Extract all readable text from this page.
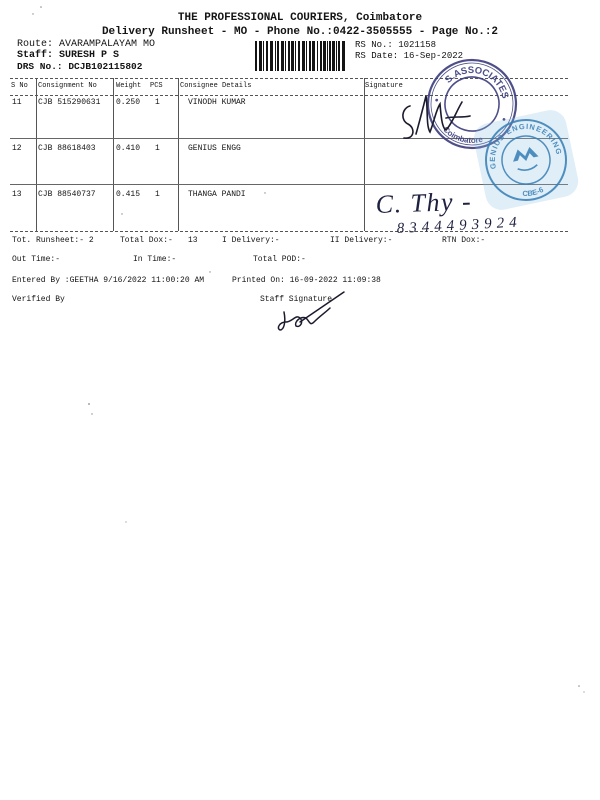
THE PROFESSIONAL COURIERS, Coimbatore
Delivery Runsheet - MO - Phone No.:0422-3505555 - Page No.:2
Route: AVARAMPALAYAM MO
Staff: SURESH P S
DRS No.: DCJB102115802
RS No.: 1021158
RS Date: 16-Sep-2022
S No Consignment No	Weight PCS Consignee Details	Signature
11 CJB 515290631 0.250 1	VINODH KUMAR
12 CJB 88618403	0.410 1	GENIUS ENGG
13 CJB 88540737	0.415 1	THANGA PANDI
Tot. Runsheet:- 2	Total Dox:- 13	I Delivery:-	II Delivery:-	RTN Dox:-
Out Time:-	In Time:-	Total POD:-
Entered By :GEETHA 9/16/2022 11:00:20 AM	Printed On: 16-09-2022 11:09:38
Verified By	Staff Signature
S.ASSOCIATES
Coimbatore
GENIUS ENGINEERING
CBE-6
C. Thy -
8344493924
